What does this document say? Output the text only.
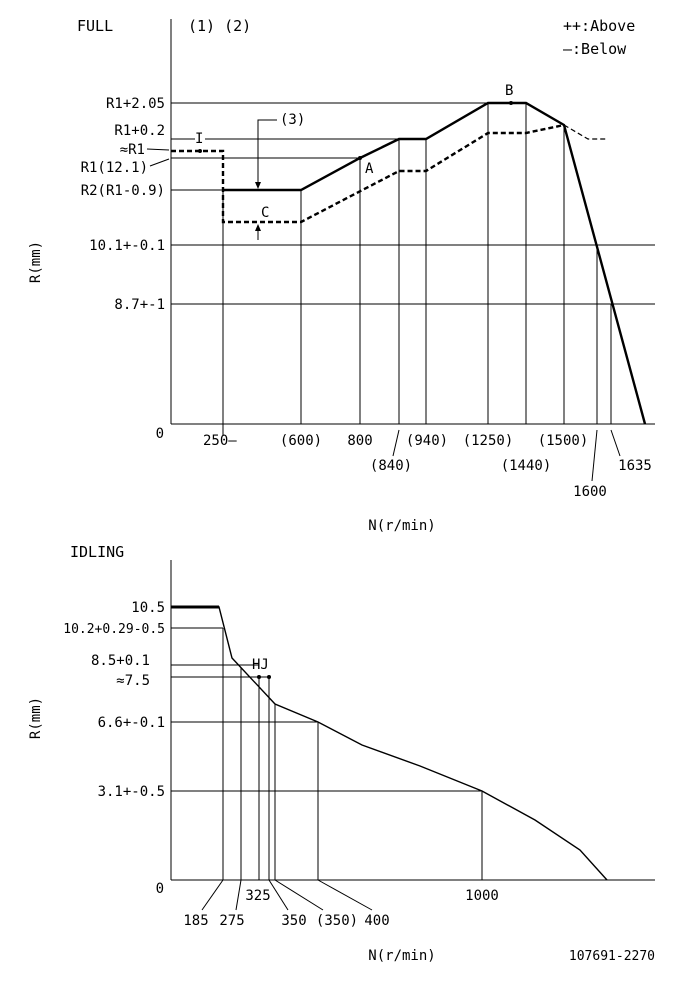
FULL	(1) (2)	++:Above
—:Below
I
A
B
C
(3)
R1+2.05
R1+0.2
≈R1
R1(12.1)
R2(R1-0.9)
10.1+-0.1
8.7+-1
0
R(mm)
250—	(600) 800
(840)
(940) (1250)
(1440)
(1500)
1600
1635
N(r/min)
IDLING
HJ
10.5
10.2+0.29-0.5
8.5+0.1
≈7.5
6.6+-0.1
3.1+-0.5
0
R(mm)
185 275
325
350 (350) 400
1000
N(r/min)	107691-2270
